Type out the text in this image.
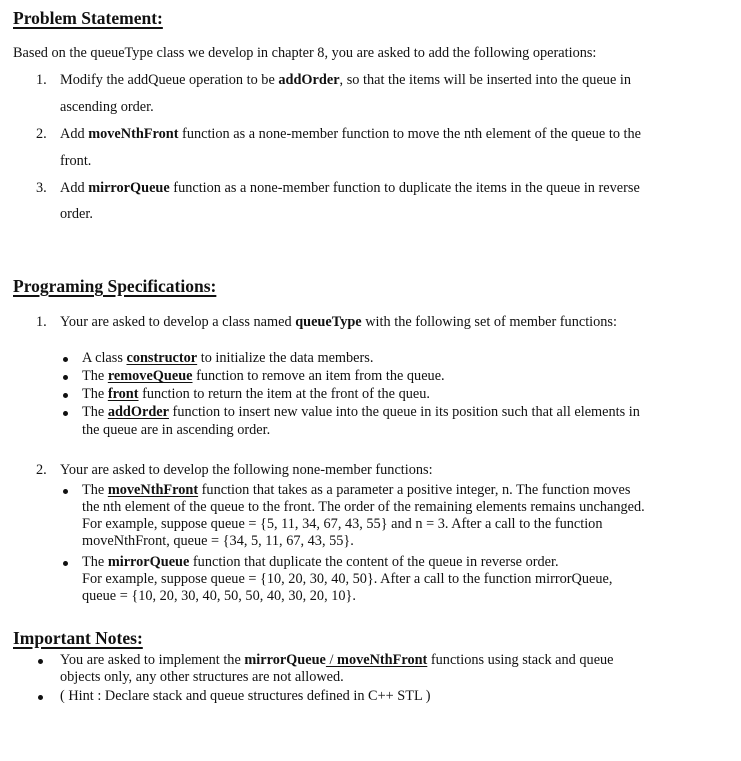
Problem Statement:
Based on the queueType class we develop in chapter 8, you are asked to add the following operations:
1. Modify the addQueue operation to be addOrder, so that the items will be inserted into the queue in
ascending order.
2. Add moveNthFront function as a none-member function to move the nth element of the queue to the
front.
3. Add mirrorQueue function as a none-member function to duplicate the items in the queue in reverse
order.
Programing Specifications:
1. Your are asked to develop a class named queueType with the following set of member functions:
A class constructor to initialize the data members.
The removeQueue function to remove an item from the queue.
The front function to return the item at the front of the queu.
The addOrder function to insert new value into the queue in its position such that all elements in
the queue are in ascending order.
2. Your are asked to develop the following none-member functions:
The moveNthFront function that takes as a parameter a positive integer, n. The function moves
the nth element of the queue to the front. The order of the remaining elements remains unchanged.
For example, suppose queue = {5, 11, 34, 67, 43, 55} and n = 3. After a call to the function
moveNthFront, queue = {34, 5, 11, 67, 43, 55}.
The mirrorQueue function that duplicate the content of the queue in reverse order.
For example, suppose queue = {10, 20, 30, 40, 50}. After a call to the function mirrorQueue,
queue = {10, 20, 30, 40, 50, 50, 40, 30, 20, 10}.
Important Notes:
You are asked to implement the mirrorQueue / moveNthFront functions using stack and queue
objects only, any other structures are not allowed.
( Hint : Declare stack and queue structures defined in C++ STL )
